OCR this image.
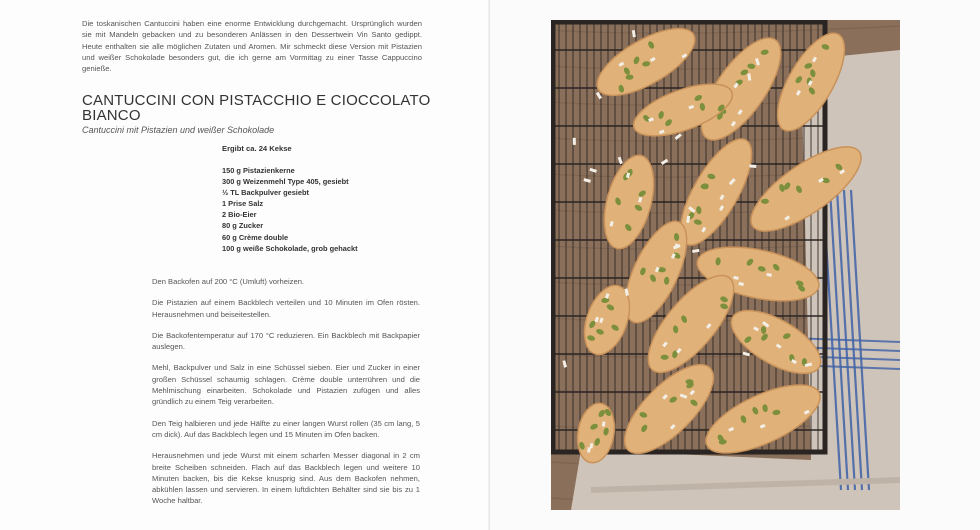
Die toskanischen Cantuccini haben eine enorme Entwicklung durchgemacht. Ursprünglich wurden sie mit Mandeln gebacken und zu besonderen Anlässen in den Dessertwein Vin Santo gedippt. Heute enthalten sie alle möglichen Zutaten und Aromen. Mir schmeckt diese Version mit Pistazien und weißer Schokolade besonders gut, die ich gerne am Vormittag zu einer Tasse Cappuccino genieße.

CANTUCCINI CON PISTACCHIO E CIOCCOLATO BIANCO

Cantuccini mit Pistazien und weißer Schokolade

Ergibt ca. 24 Kekse

150 g Pistazienkerne
300 g Weizenmehl Type 405, gesiebt
½ TL Backpulver gesiebt
1 Prise Salz
2 Bio-Eier
80 g Zucker
60 g Crème double
100 g weiße Schokolade, grob gehackt

Den Backofen auf 200 °C (Umluft) vorheizen.

Die Pistazien auf einem Backblech verteilen und 10 Minuten im Ofen rösten. Herausnehmen und beiseitestellen.

Die Backofentemperatur auf 170 °C reduzieren. Ein Backblech mit Backpapier auslegen.

Mehl, Backpulver und Salz in eine Schüssel sieben. Eier und Zucker in einer großen Schüssel schaumig schlagen. Crème double unterrühren und die Mehlmischung einarbeiten. Schokolade und Pistazien zufügen und alles gründlich zu einem Teig verarbeiten.

Den Teig halbieren und jede Hälfte zu einer langen Wurst rollen (35 cm lang, 5 cm dick). Auf das Backblech legen und 15 Minuten im Ofen backen.

Herausnehmen und jede Wurst mit einem scharfen Messer diagonal in 2 cm breite Scheiben schneiden. Flach auf das Backblech legen und weitere 10 Minuten backen, bis die Kekse knusprig sind. Aus dem Backofen nehmen, abkühlen lassen und servieren. In einem luftdichten Behälter sind sie bis zu 1 Woche haltbar.
